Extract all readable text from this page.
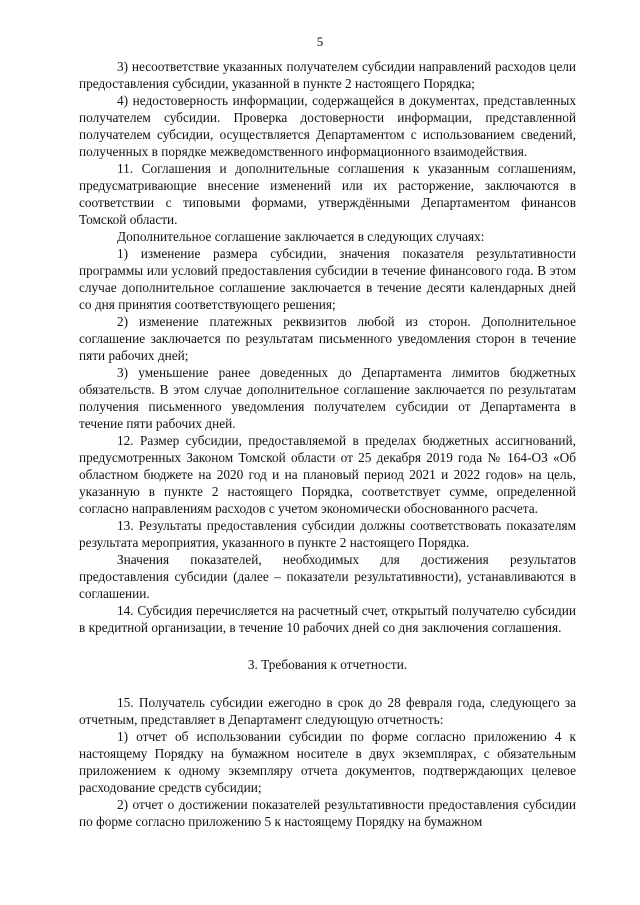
5

3) несоответствие указанных получателем субсидии направлений расходов цели предоставления субсидии, указанной в пункте 2 настоящего Порядка;

4) недостоверность информации, содержащейся в документах, представленных получателем субсидии. Проверка достоверности информации, представленной получателем субсидии, осуществляется Департаментом с использованием сведений, полученных в порядке межведомственного информационного взаимодействия.

11. Соглашения и дополнительные соглашения к указанным соглашениям, предусматривающие внесение изменений или их расторжение, заключаются в соответствии с типовыми формами, утверждёнными Департаментом финансов Томской области.

Дополнительное соглашение заключается в следующих случаях:

1) изменение размера субсидии, значения показателя результативности программы или условий предоставления субсидии в течение финансового года. В этом случае дополнительное соглашение заключается в течение десяти календарных дней со дня принятия соответствующего решения;

2) изменение платежных реквизитов любой из сторон. Дополнительное соглашение заключается по результатам письменного уведомления сторон в течение пяти рабочих дней;

3) уменьшение ранее доведенных до Департамента лимитов бюджетных обязательств. В этом случае дополнительное соглашение заключается по результатам получения письменного уведомления получателем субсидии от Департамента в течение пяти рабочих дней.

12. Размер субсидии, предоставляемой в пределах бюджетных ассигнований, предусмотренных Законом Томской области от 25 декабря 2019 года № 164-ОЗ «Об областном бюджете на 2020 год и на плановый период 2021 и 2022 годов» на цель, указанную в пункте 2 настоящего Порядка, соответствует сумме, определенной согласно направлениям расходов с учетом экономически обоснованного расчета.

13. Результаты предоставления субсидии должны соответствовать показателям результата мероприятия, указанного в пункте 2 настоящего Порядка.

Значения показателей, необходимых для достижения результатов предоставления субсидии (далее – показатели результативности), устанавливаются в соглашении.

14. Субсидия перечисляется на расчетный счет, открытый получателю субсидии в кредитной организации, в течение 10 рабочих дней со дня заключения соглашения.

3. Требования к отчетности.

15. Получатель субсидии ежегодно в срок до 28 февраля года, следующего за отчетным, представляет в Департамент следующую отчетность:

1) отчет об использовании субсидии по форме согласно приложению 4 к настоящему Порядку на бумажном носителе в двух экземплярах, с обязательным приложением к одному экземпляру отчета документов, подтверждающих целевое расходование средств субсидии;

2) отчет о достижении показателей результативности предоставления субсидии по форме согласно приложению 5 к настоящему Порядку на бумажном
